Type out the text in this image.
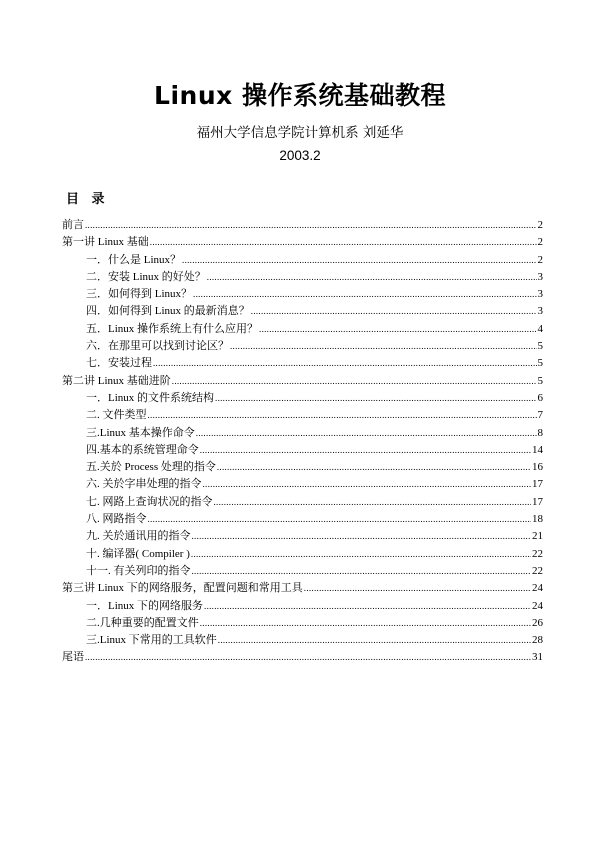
Linux 操作系统基础教程
福州大学信息学院计算机系 刘延华
2003.2
目 录
前言 .....	2
第一讲 Linux 基础 .....	2
一．什么是 Linux？ .....	2
二．安装 Linux 的好处？ .....	3
三．如何得到 Linux？ .....	3
四．如何得到 Linux 的最新消息？ .....	3
五．Linux 操作系统上有什么应用？ .....	4
六．在那里可以找到讨论区？ .....	5
七．安装过程 .....	5
第二讲 Linux 基础进阶 .....	5
一．Linux 的文件系统结构 .....	6
二. 文件类型 .....	7
三.Linux 基本操作命令 .....	8
四.基本的系统管理命令 .....	14
五.关於 Process 处理的指令 .....	16
六. 关於字串处理的指令 .....	17
七. 网路上查询状况的指令 .....	17
八. 网路指令 .....	18
九. 关於通讯用的指令 .....	21
十. 编译器( Compiler ) .....	22
十一. 有关列印的指令 .....	22
第三讲 Linux 下的网络服务，配置问题和常用工具 .....	24
一．Linux 下的网络服务 .....	24
二.几种重要的配置文件 .....	26
三.Linux 下常用的工具软件 .....	28
尾语 .....	31
